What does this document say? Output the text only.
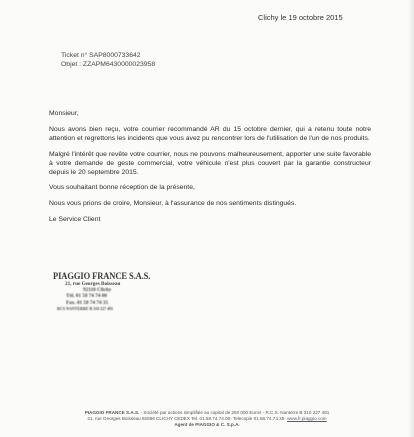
Clichy le 19 octobre 2015
Ticket n° SAP8000733642
Objet : ZZAPM6430000023958

Monsieur,

Nous avons bien reçu, votre courrier recommandé AR du 15 octobre dernier, qui a retenu toute notre attention et regrettons les incidents que vous avez pu rencontrer lors de l'utilisation de l'un de nos produits.

Malgré l'intérêt que revête votre courrier, nous ne pouvons malheureusement, apporter une suite favorable à votre demande de geste commercial, votre véhicule n'est plus couvert par la garantie constructeur depuis le 20 septembre 2015.

Vous souhaitant bonne réception de la présente,

Nous vous prions de croire, Monsieur, à l'assurance de nos sentiments distingués.

Le Service Client

PIAGGIO FRANCE S.A.S.
21, rue Georges Boisseau
92110 Clichy
Tél. 01 58 74 74 00
Fax. 01 58 74 74 35
RCS NANTERRE B 310 227 491
PIAGGIO FRANCE S.A.S. - Société par actions simplifiée au capital de 250 000 Euros - R.C.S. Nanterre B 310 227 491
21, rue Georges Boisseau 92586 CLICHY CEDEX Tel. 01.58.74.74.00- Telecopie 01.58.74.74.35- www.fr.piaggio.com
Agent de PIAGGIO & C. S.p.A.
